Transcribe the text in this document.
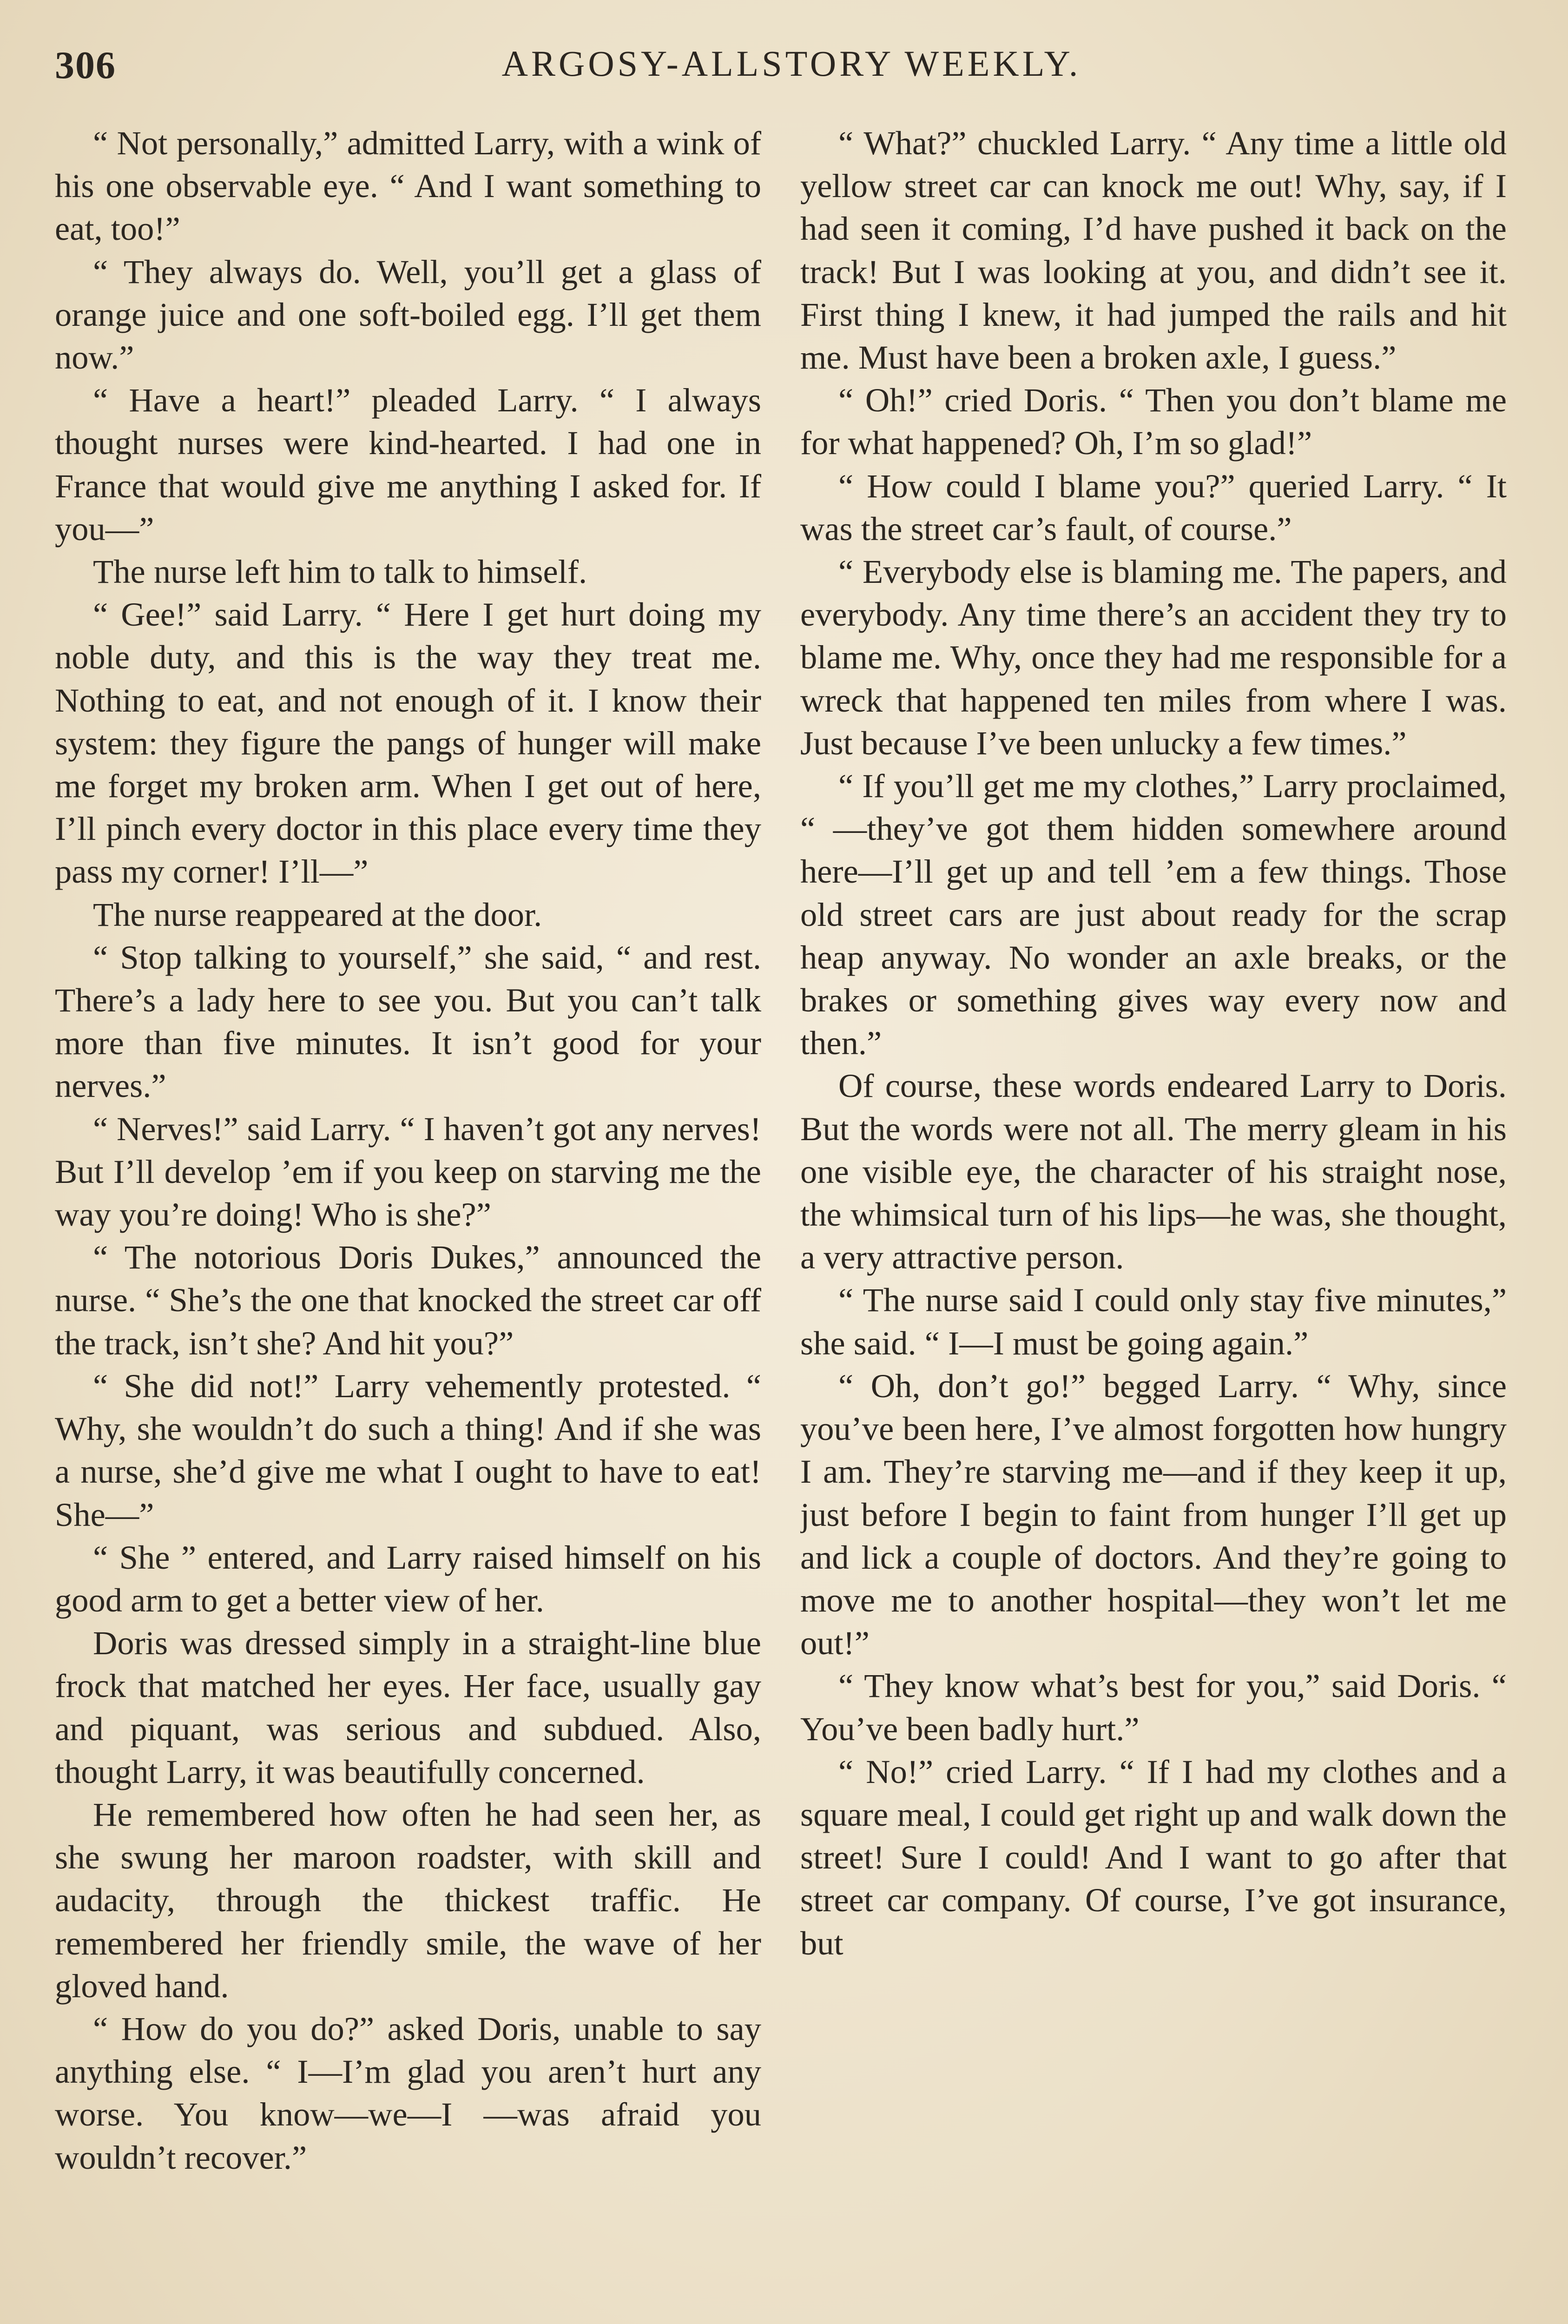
306	ARGOSY-ALLSTORY WEEKLY.

“ Not personally,” admitted Larry, with a wink of his one observable eye. “ And I want something to eat, too!”

“ They always do. Well, you’ll get a glass of orange juice and one soft-boiled egg. I’ll get them now.”

“ Have a heart!” pleaded Larry. “ I always thought nurses were kind-hearted. I had one in France that would give me anything I asked for. If you—”

The nurse left him to talk to himself.

“ Gee!” said Larry. “ Here I get hurt doing my noble duty, and this is the way they treat me. Nothing to eat, and not enough of it. I know their system: they figure the pangs of hunger will make me forget my broken arm. When I get out of here, I’ll pinch every doctor in this place every time they pass my corner! I’ll—”

The nurse reappeared at the door.

“ Stop talking to yourself,” she said, “ and rest. There’s a lady here to see you. But you can’t talk more than five minutes. It isn’t good for your nerves.”

“ Nerves!” said Larry. “ I haven’t got any nerves! But I’ll develop ’em if you keep on starving me the way you’re doing! Who is she?”

“ The notorious Doris Dukes,” announced the nurse. “ She’s the one that knocked the street car off the track, isn’t she? And hit you?”

“ She did not!” Larry vehemently protested. “ Why, she wouldn’t do such a thing! And if she was a nurse, she’d give me what I ought to have to eat! She—”

“ She ” entered, and Larry raised himself on his good arm to get a better view of her.

Doris was dressed simply in a straight-line blue frock that matched her eyes. Her face, usually gay and piquant, was serious and subdued. Also, thought Larry, it was beautifully concerned.

He remembered how often he had seen her, as she swung her maroon roadster, with skill and audacity, through the thickest traffic. He remembered her friendly smile, the wave of her gloved hand.

“ How do you do?” asked Doris, unable to say anything else. “ I—I’m glad you aren’t hurt any worse. You know—we—I —was afraid you wouldn’t recover.”

“ What?” chuckled Larry. “ Any time a little old yellow street car can knock me out! Why, say, if I had seen it coming, I’d have pushed it back on the track! But I was looking at you, and didn’t see it. First thing I knew, it had jumped the rails and hit me. Must have been a broken axle, I guess.”

“ Oh!” cried Doris. “ Then you don’t blame me for what happened? Oh, I’m so glad!”

“ How could I blame you?” queried Larry. “ It was the street car’s fault, of course.”

“ Everybody else is blaming me. The papers, and everybody. Any time there’s an accident they try to blame me. Why, once they had me responsible for a wreck that happened ten miles from where I was. Just because I’ve been unlucky a few times.”

“ If you’ll get me my clothes,” Larry proclaimed, “ —they’ve got them hidden somewhere around here—I’ll get up and tell ’em a few things. Those old street cars are just about ready for the scrap heap anyway. No wonder an axle breaks, or the brakes or something gives way every now and then.”

Of course, these words endeared Larry to Doris. But the words were not all. The merry gleam in his one visible eye, the character of his straight nose, the whimsical turn of his lips—he was, she thought, a very attractive person.

“ The nurse said I could only stay five minutes,” she said. “ I—I must be going again.”

“ Oh, don’t go!” begged Larry. “ Why, since you’ve been here, I’ve almost forgotten how hungry I am. They’re starving me—and if they keep it up, just before I begin to faint from hunger I’ll get up and lick a couple of doctors. And they’re going to move me to another hospital—they won’t let me out!”

“ They know what’s best for you,” said Doris. “ You’ve been badly hurt.”

“ No!” cried Larry. “ If I had my clothes and a square meal, I could get right up and walk down the street! Sure I could! And I want to go after that street car company. Of course, I’ve got insurance, but
